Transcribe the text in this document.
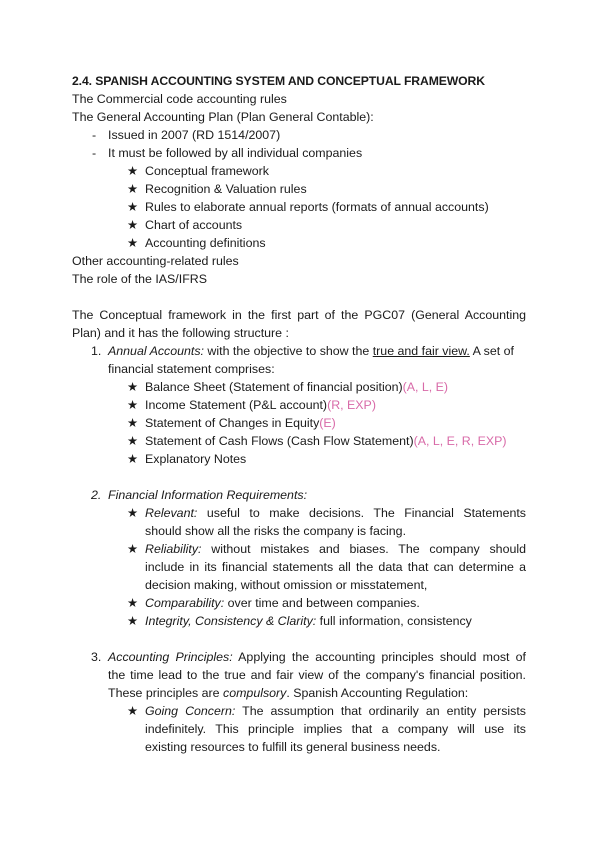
2.4. SPANISH ACCOUNTING SYSTEM AND CONCEPTUAL FRAMEWORK
The Commercial code accounting rules
The General Accounting Plan (Plan General Contable):
- Issued in 2007 (RD 1514/2007)
- It must be followed by all individual companies
★ Conceptual framework
★ Recognition & Valuation rules
★ Rules to elaborate annual reports (formats of annual accounts)
★ Chart of accounts
★ Accounting definitions
Other accounting-related rules
The role of the IAS/IFRS
The Conceptual framework in the first part of the PGC07 (General Accounting
Plan) and it has the following structure :
1. Annual Accounts: with the objective to show the true and fair view. A set of
financial statement comprises:
★ Balance Sheet (Statement of financial position)(A, L, E)
★ Income Statement (P&L account)(R, EXP)
★ Statement of Changes in Equity(E)
★ Statement of Cash Flows (Cash Flow Statement)(A, L, E, R, EXP)
★ Explanatory Notes
2. Financial Information Requirements:
★ Relevant: useful to make decisions. The Financial Statements
should show all the risks the company is facing.
★ Reliability: without mistakes and biases. The company should
include in its financial statements all the data that can determine a
decision making, without omission or misstatement,
★ Comparability: over time and between companies.
★ Integrity, Consistency & Clarity: full information, consistency
3. Accounting Principles: Applying the accounting principles should most of
the time lead to the true and fair view of the company's financial position.
These principles are compulsory. Spanish Accounting Regulation:
★ Going Concern: The assumption that ordinarily an entity persists
indefinitely. This principle implies that a company will use its
existing resources to fulfill its general business needs.
